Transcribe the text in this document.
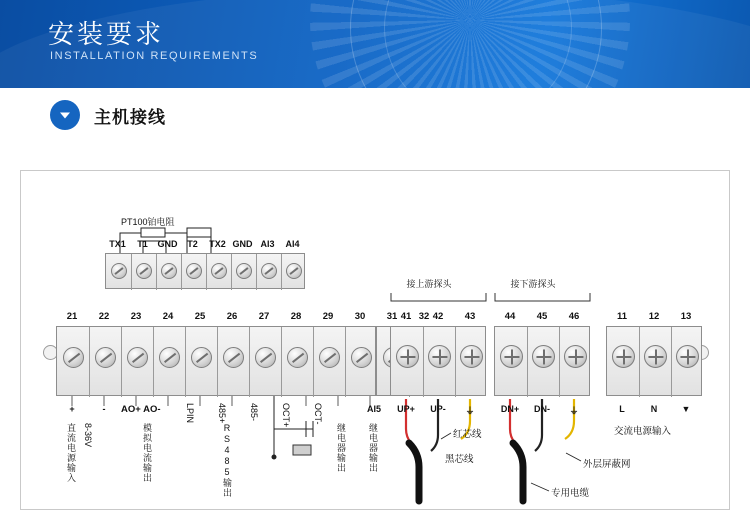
安装要求
INSTALLATION REQUIREMENTS
主机接线
PT100铂电阻
TX1	T1	GND	T2	TX2 GND AI3	AI4
接上游探头	接下游探头
21	22	23	24	25	26	27	28	29	30	31	32
41	42	43	44	45	46	11	12	13
UP+	UP-	⏚	DN+	DN-	⏚	L	N	▼
AI5
+	-	AO+ AO-	LPIN 485+ 485- OCT+ OCT-
直流电源输入 8-36V	模拟电流输出	RS485输出	继电器输出 继电器输出	交流电源输入
红芯线
黑芯线	外层屏蔽网
专用电缆
